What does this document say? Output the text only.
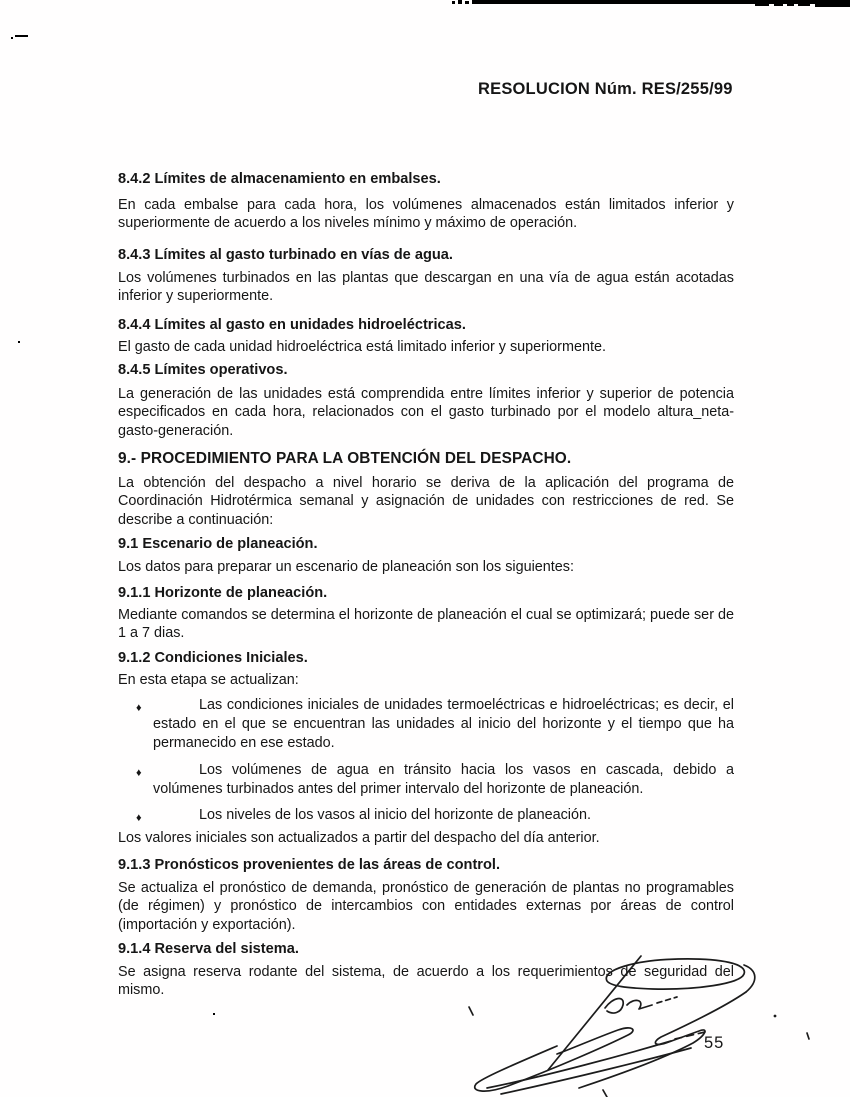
RESOLUCION Núm. RES/255/99
8.4.2 Límites de almacenamiento en embalses.
En cada embalse para cada hora, los volúmenes almacenados están limitados inferior y superiormente de acuerdo a los niveles mínimo y máximo de operación.
8.4.3 Límites al gasto turbinado en vías de agua.
Los volúmenes turbinados en las plantas que descargan en una vía de agua están acotadas inferior y superiormente.
8.4.4 Límites al gasto en unidades hidroeléctricas.
El gasto de cada unidad hidroeléctrica está limitado inferior y superiormente.
8.4.5 Límites operativos.
La generación de las unidades está comprendida entre límites inferior y superior de potencia especificados en cada hora, relacionados con el gasto turbinado por el modelo altura_neta-gasto-generación.
9.- PROCEDIMIENTO PARA LA OBTENCIÓN DEL DESPACHO.
La obtención del despacho a nivel horario se deriva de la aplicación del programa de Coordinación Hidrotérmica semanal y asignación de unidades con restricciones de red. Se describe a continuación:
9.1 Escenario de planeación.
Los datos para preparar un escenario de planeación son los siguientes:
9.1.1 Horizonte de planeación.
Mediante comandos se determina el horizonte de planeación el cual se optimizará; puede ser de 1 a 7 dias.
9.1.2 Condiciones Iniciales.
En esta etapa se actualizan:
♦	Las condiciones iniciales de unidades termoeléctricas e hidroeléctricas; es decir, el estado en el que se encuentran las unidades al inicio del horizonte y el tiempo que ha permanecido en ese estado.
♦	Los volúmenes de agua en tránsito hacia los vasos en cascada, debido a volúmenes turbinados antes del primer intervalo del horizonte de planeación.
♦	Los niveles de los vasos al inicio del horizonte de planeación.
Los valores iniciales son actualizados a partir del despacho del día anterior.
9.1.3 Pronósticos provenientes de las áreas de control.
Se actualiza el pronóstico de demanda, pronóstico de generación de plantas no programables (de régimen) y pronóstico de intercambios con entidades externas por áreas de control (importación y exportación).
9.1.4 Reserva del sistema.
Se asigna reserva rodante del sistema, de acuerdo a los requerimientos de seguridad del mismo.
55
